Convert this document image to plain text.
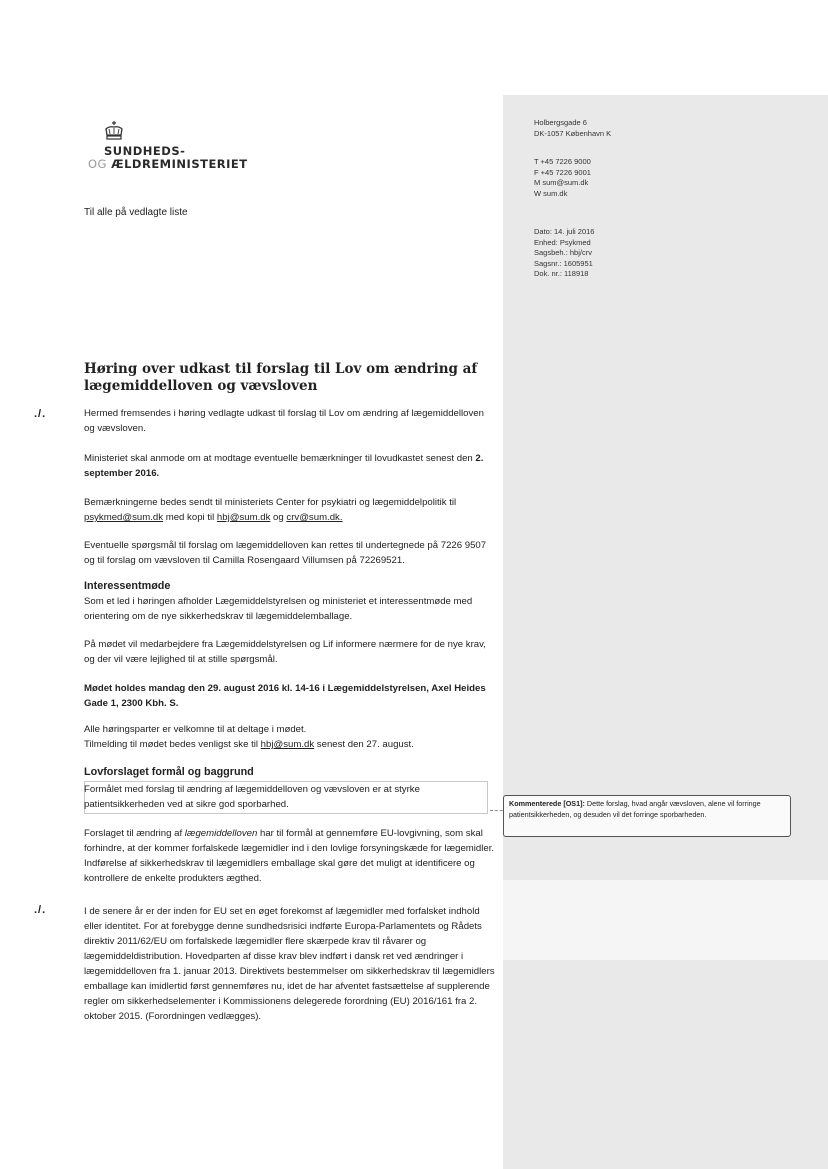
SUNDHEDS-
OG ÆLDREMINISTERIET
Til alle på vedlagte liste
Holbergsgade 6
DK-1057 København K
T +45 7226 9000
F +45 7226 9001
M sum@sum.dk
W sum.dk
Dato: 14. juli 2016
Enhed: Psykmed
Sagsbeh.: hbj/crv
Sagsnr.: 1605951
Dok. nr.: 118918
Høring over udkast til forslag til Lov om ændring af lægemiddelloven og vævsloven
./.
./.
Hermed fremsendes i høring vedlagte udkast til forslag til Lov om ændring af lægemiddelloven og vævsloven.
Ministeriet skal anmode om at modtage eventuelle bemærkninger til lovudkastet senest den 2. september 2016.
Bemærkningerne bedes sendt til ministeriets Center for psykiatri og lægemiddelpolitik til psykmed@sum.dk med kopi til hbj@sum.dk og crv@sum.dk.
Eventuelle spørgsmål til forslag om lægemiddelloven kan rettes til undertegnede på 7226 9507 og til forslag om vævsloven til Camilla Rosengaard Villumsen på 72269521.
Interessentmøde
Som et led i høringen afholder Lægemiddelstyrelsen og ministeriet et interessentmøde med orientering om de nye sikkerhedskrav til lægemiddelemballage.
På mødet vil medarbejdere fra Lægemiddelstyrelsen og Lif informere nærmere for de nye krav, og der vil være lejlighed til at stille spørgsmål.
Mødet holdes mandag den 29. august 2016 kl. 14-16 i Lægemiddelstyrelsen, Axel Heides Gade 1, 2300 Kbh. S.
Alle høringsparter er velkomne til at deltage i mødet.
Tilmelding til mødet bedes venligst ske til hbj@sum.dk senest den 27. august.
Lovforslaget formål og baggrund
Formålet med forslag til ændring af lægemiddelloven og vævsloven er at styrke patientsikkerheden ved at sikre god sporbarhed.
Forslaget til ændring af lægemiddelloven har til formål at gennemføre EU-lovgivning, som skal forhindre, at der kommer forfalskede lægemidler ind i den lovlige forsyningskæde for lægemidler. Indførelse af sikkerhedskrav til lægemidlers emballage skal gøre det muligt at identificere og kontrollere de enkelte produkters ægthed.
I de senere år er der inden for EU set en øget forekomst af lægemidler med forfalsket indhold eller identitet. For at forebygge denne sundhedsrisici indførte Europa-Parlamentets og Rådets direktiv 2011/62/EU om forfalskede lægemidler flere skærpede krav til råvarer og lægemiddeldistribution. Hovedparten af disse krav blev indført i dansk ret ved ændringer i lægemiddelloven fra 1. januar 2013. Direktivets bestemmelser om sikkerhedskrav til lægemidlers emballage kan imidlertid først gennemføres nu, idet de har afventet fastsættelse af supplerende regler om sikkerhedselementer i Kommissionens delegerede forordning (EU) 2016/161 fra 2. oktober 2015. (Forordningen vedlægges).
Kommenterede [OS1]: Dette forslag, hvad angår vævsloven, alene vil forringe patientsikkerheden, og desuden vil det forringe sporbarheden.
